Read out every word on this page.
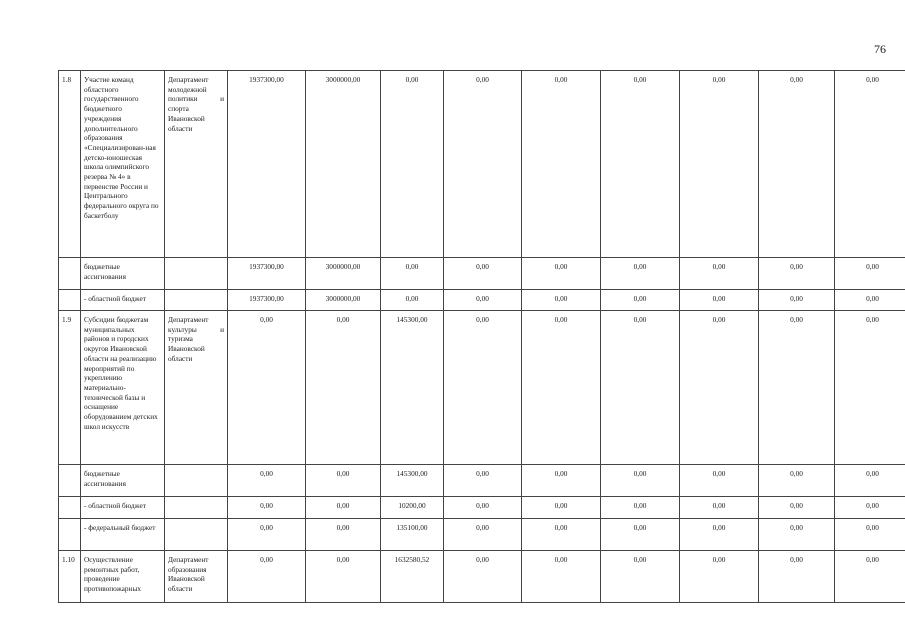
76
1.8	Участие команд областного государственного бюджетного учреждения дополнительного образования «Специализирован-ная детско-юношеская школа олимпийского резерва № 4» в первенстве России и Центрального федерального округа по баскетболу	Департамент молодежной политики и спорта Ивановской области	1937300,00	3000000,00	0,00	0,00	0,00	0,00	0,00	0,00	0,00
	бюджетные ассигнования		1937300,00	3000000,00	0,00	0,00	0,00	0,00	0,00	0,00	0,00
	- областной бюджет		1937300,00	3000000,00	0,00	0,00	0,00	0,00	0,00	0,00	0,00
1.9	Субсидии бюджетам муниципальных районов и городских округов Ивановской области на реализацию мероприятий по укреплению материально-технической базы и оснащение оборудованием детских школ искусств	Департамент культуры и туризма Ивановской области	0,00	0,00	145300,00	0,00	0,00	0,00	0,00	0,00	0,00
	бюджетные ассигнования		0,00	0,00	145300,00	0,00	0,00	0,00	0,00	0,00	0,00
	- областной бюджет		0,00	0,00	10200,00	0,00	0,00	0,00	0,00	0,00	0,00
	- федеральный бюджет		0,00	0,00	135100,00	0,00	0,00	0,00	0,00	0,00	0,00
1.10	Осуществление ремонтных работ, проведение противопожарных	Департамент образования Ивановской области	0,00	0,00	1632580,52	0,00	0,00	0,00	0,00	0,00	0,00
